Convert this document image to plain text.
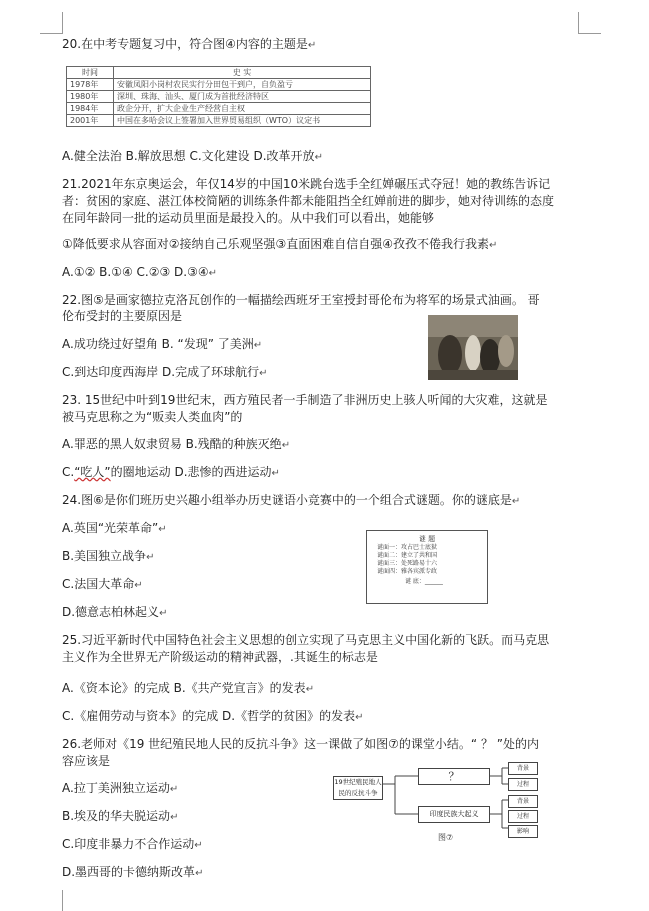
20.在中考专题复习中，符合图④内容的主题是↵
时间	史 实
1978年	安徽凤阳小岗村农民实行分田包干到户，自负盈亏
1980年	深圳、珠海、汕头、厦门成为首批经济特区
1984年	政企分开，扩大企业生产经营自主权
2001年	中国在多哈会议上签署加入世界贸易组织（WTO）议定书
A.健全法治 B.解放思想 C.文化建设 D.改革开放↵
21.2021年东京奥运会，年仅14岁的中国10米跳台选手全红婵碾压式夺冠！她的教练告诉记
者：贫困的家庭、湛江体校简陋的训练条件都未能阻挡全红婵前进的脚步，她对待训练的态度
在同年龄同一批的运动员里面是最投入的。从中我们可以看出，她能够
①降低要求从容面对②接纳自己乐观坚强③直面困难自信自强④孜孜不倦我行我素↵
A.①② B.①④ C.②③ D.③④↵
22.图⑤是画家德拉克洛瓦创作的一幅描绘西班牙王室授封哥伦布为将军的场景式油画。 哥
伦布受封的主要原因是
A.成功绕过好望角 B. “发现” 了美洲↵
C.到达印度西海岸 D.完成了环球航行↵
23. 15世纪中叶到19世纪末，西方殖民者一手制造了非洲历史上骇人听闻的大灾难，这就是
被马克思称之为“贩卖人类血肉”的
A.罪恶的黑人奴隶贸易 B.残酷的种族灭绝↵
C.“吃人”的圈地运动 D.悲惨的西进运动↵
24.图⑥是你们班历史兴趣小组举办历史谜语小竞赛中的一个组合式谜题。你的谜底是↵
A.英国“光荣革命”↵
B.美国独立战争↵
C.法国大革命↵
D.德意志柏林起义↵
谜 题
谜面一：攻占巴士底狱
谜面二：建立了共和国
谜面三：处死路易十六
谜面四：雅各宾派专政
谜 底：______
25.习近平新时代中国特色社会主义思想的创立实现了马克思主义中国化新的飞跃。而马克思
主义作为全世界无产阶级运动的精神武器，.其诞生的标志是
A.《资本论》的完成 B.《共产党宣言》的发表↵
C.《雇佣劳动与资本》的完成 D.《哲学的贫困》的发表↵
26.老师对《19 世纪殖民地人民的反抗斗争》这一课做了如图⑦的课堂小结。“ ？ ”处的内
容应该是
A.拉丁美洲独立运动↵
B.埃及的华夫脱运动↵
C.印度非暴力不合作运动↵
D.墨西哥的卡德纳斯改革↵
19世纪殖民地人民的反抗斗争
？
印度民族大起义
背景
过程
背景
过程
影响
图⑦
